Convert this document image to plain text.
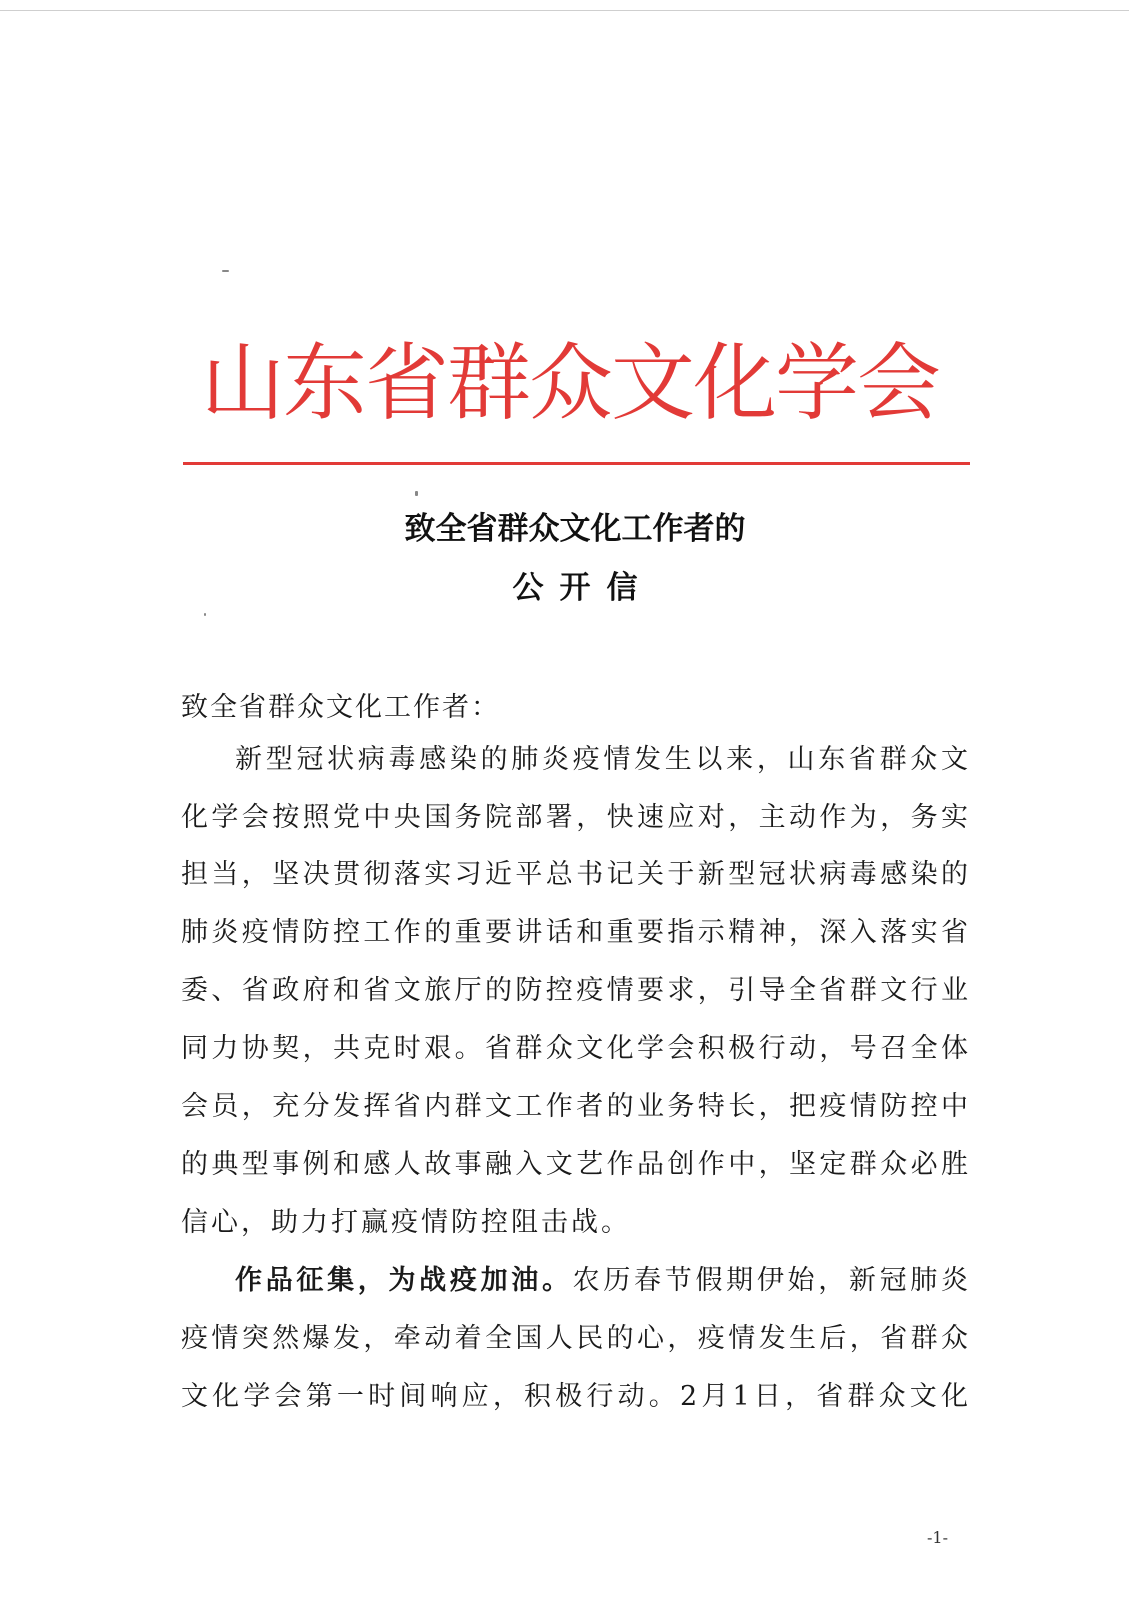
山东省群众文化学会
致全省群众文化工作者的
公开信
致全省群众文化工作者：
新型冠状病毒感染的肺炎疫情发生以来，山东省群众文
化学会按照党中央国务院部署，快速应对，主动作为，务实
担当，坚决贯彻落实习近平总书记关于新型冠状病毒感染的
肺炎疫情防控工作的重要讲话和重要指示精神，深入落实省
委、省政府和省文旅厅的防控疫情要求，引导全省群文行业
同力协契，共克时艰。省群众文化学会积极行动，号召全体
会员，充分发挥省内群文工作者的业务特长，把疫情防控中
的典型事例和感人故事融入文艺作品创作中，坚定群众必胜
信心，助力打赢疫情防控阻击战。
作品征集，为战疫加油。农历春节假期伊始，新冠肺炎
疫情突然爆发，牵动着全国人民的心，疫情发生后，省群众
文化学会第一时间响应，积极行动。2月1日，省群众文化
-1-
